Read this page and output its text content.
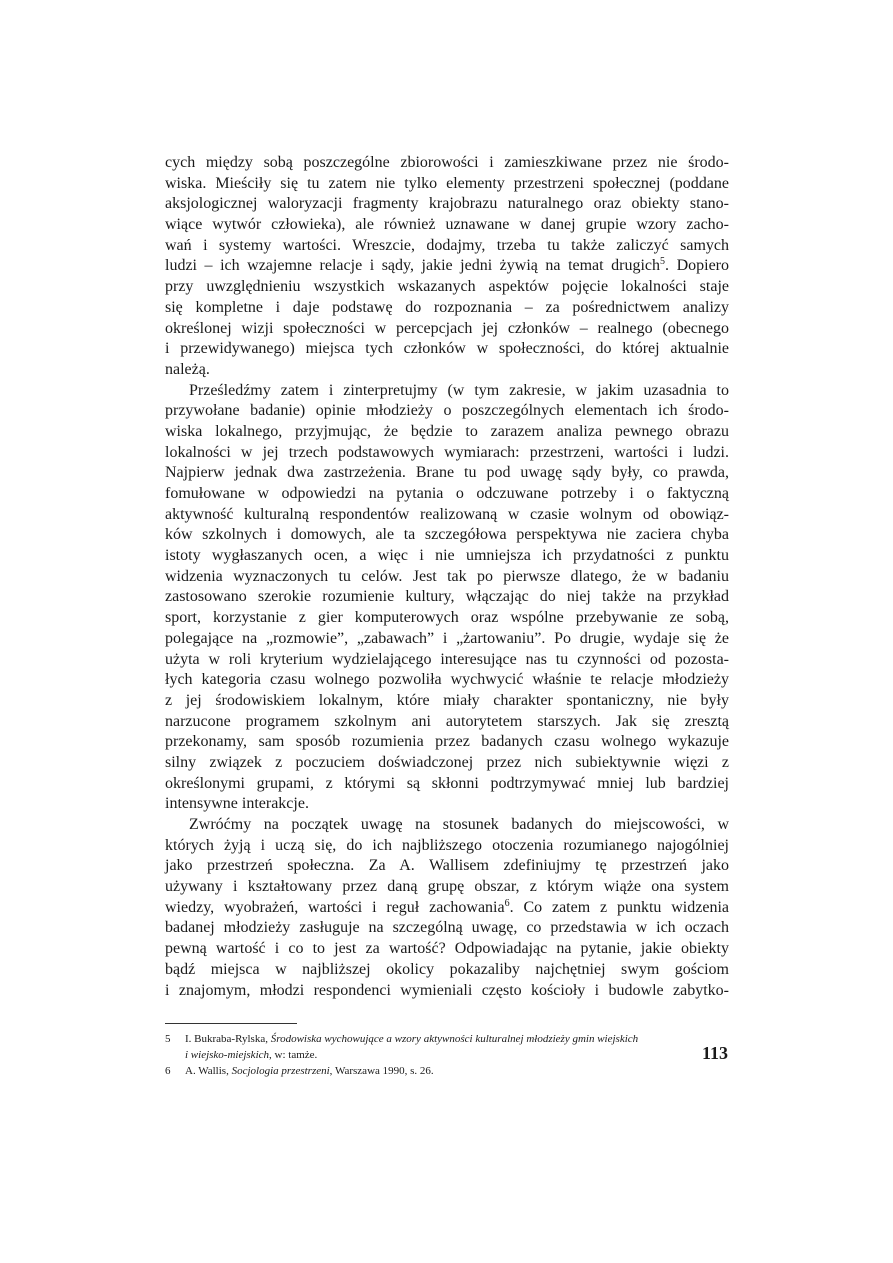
cych między sobą poszczególne zbiorowości i zamieszkiwane przez nie środo-
wiska. Mieściły się tu zatem nie tylko elementy przestrzeni społecznej (poddane
aksjologicznej waloryzacji fragmenty krajobrazu naturalnego oraz obiekty stano-
wiące wytwór człowieka), ale również uznawane w danej grupie wzory zacho-
wań i systemy wartości. Wreszcie, dodajmy, trzeba tu także zaliczyć samych
ludzi – ich wzajemne relacje i sądy, jakie jedni żywią na temat drugich$^5$. Dopiero
przy uwzględnieniu wszystkich wskazanych aspektów pojęcie lokalności staje
się kompletne i daje podstawę do rozpoznania – za pośrednictwem analizy
określonej wizji społeczności w percepcjach jej członków – realnego (obecnego
i przewidywanego) miejsca tych członków w społeczności, do której aktualnie
należą.
Prześledźmy zatem i zinterpretujmy (w tym zakresie, w jakim uzasadnia to
przywołane badanie) opinie młodzieży o poszczególnych elementach ich środo-
wiska lokalnego, przyjmując, że będzie to zarazem analiza pewnego obrazu
lokalności w jej trzech podstawowych wymiarach: przestrzeni, wartości i ludzi.
Najpierw jednak dwa zastrzeżenia. Brane tu pod uwagę sądy były, co prawda,
fomułowane w odpowiedzi na pytania o odczuwane potrzeby i o faktyczną
aktywność kulturalną respondentów realizowaną w czasie wolnym od obowiąz-
ków szkolnych i domowych, ale ta szczegółowa perspektywa nie zaciera chyba
istoty wygłaszanych ocen, a więc i nie umniejsza ich przydatności z punktu
widzenia wyznaczonych tu celów. Jest tak po pierwsze dlatego, że w badaniu
zastosowano szerokie rozumienie kultury, włączając do niej także na przykład
sport, korzystanie z gier komputerowych oraz wspólne przebywanie ze sobą,
polegające na „rozmowie”, „zabawach” i „żartowaniu”. Po drugie, wydaje się że
użyta w roli kryterium wydzielającego interesujące nas tu czynności od pozosta-
łych kategoria czasu wolnego pozwoliła wychwycić właśnie te relacje młodzieży
z jej środowiskiem lokalnym, które miały charakter spontaniczny, nie były
narzucone programem szkolnym ani autorytetem starszych. Jak się zresztą
przekonamy, sam sposób rozumienia przez badanych czasu wolnego wykazuje
silny związek z poczuciem doświadczonej przez nich subiektywnie więzi z
określonymi grupami, z którymi są skłonni podtrzymywać mniej lub bardziej
intensywne interakcje.
Zwróćmy na początek uwagę na stosunek badanych do miejscowości, w
których żyją i uczą się, do ich najbliższego otoczenia rozumianego najogólniej
jako przestrzeń społeczna. Za A. Wallisem zdefiniujmy tę przestrzeń jako
używany i kształtowany przez daną grupę obszar, z którym wiąże ona system
wiedzy, wyobrażeń, wartości i reguł zachowania$^6$. Co zatem z punktu widzenia
badanej młodzieży zasługuje na szczególną uwagę, co przedstawia w ich oczach
pewną wartość i co to jest za wartość? Odpowiadając na pytanie, jakie obiekty
bądź miejsca w najbliższej okolicy pokazaliby najchętniej swym gościom
i znajomym, młodzi respondenci wymieniali często kościoły i budowle zabytko-
5	I. Bukraba-Rylska, Środowiska wychowujące a wzory aktywności kulturalnej młodzieży gmin wiejskich
i wiejsko-miejskich, w: tamże.
6	A. Wallis, Socjologia przestrzeni, Warszawa 1990, s. 26.
113
